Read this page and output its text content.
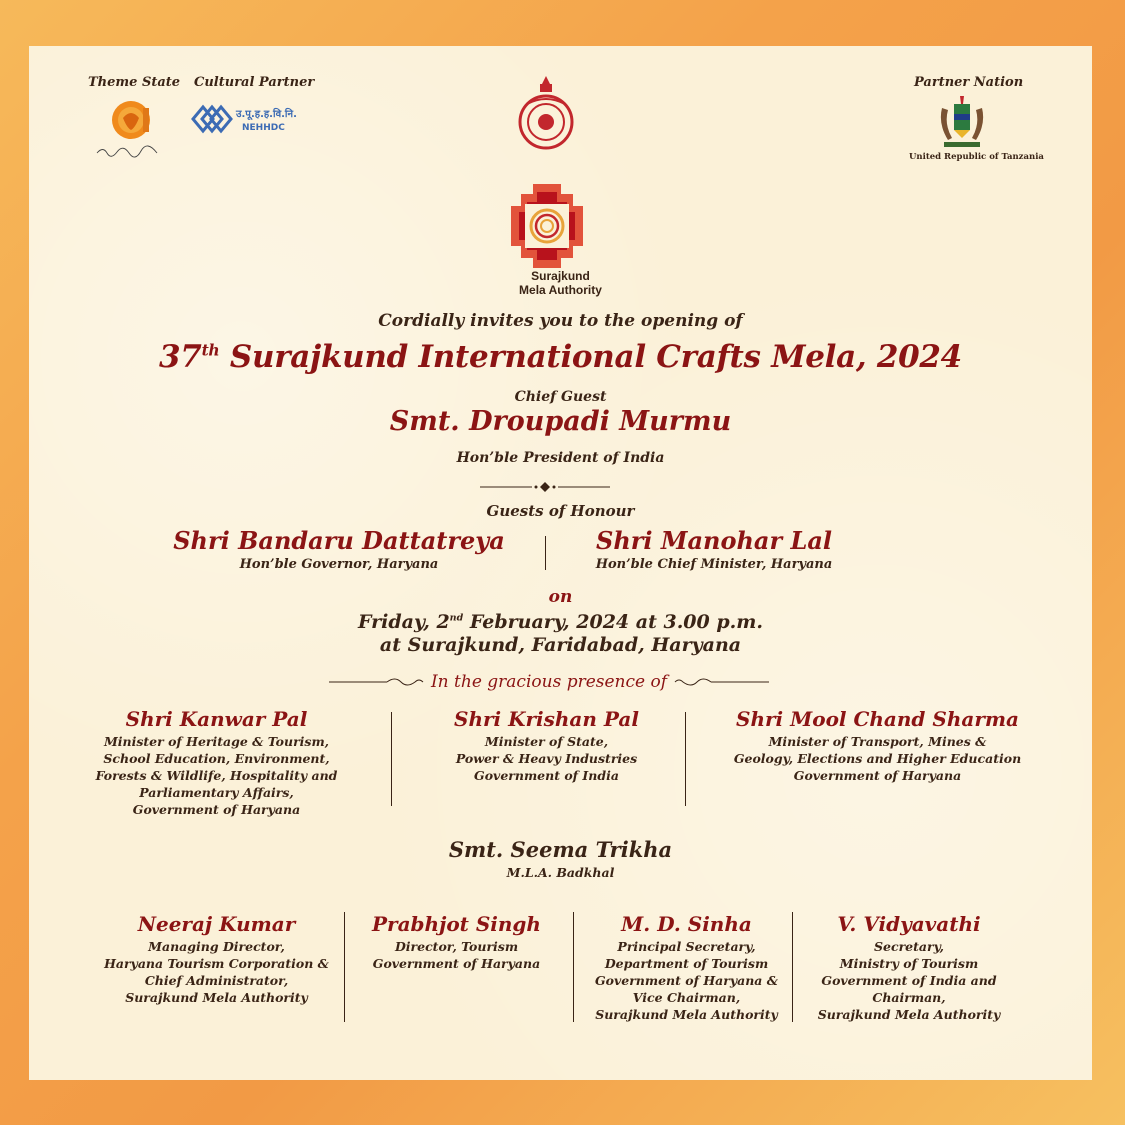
Theme State Cultural Partner
उ.पू.ह.ह.वि.नि.
NEHHDC
Partner Nation
United Republic of Tanzania
Surajkund
Mela Authority
Cordially invites you to the opening of
37th Surajkund International Crafts Mela, 2024
Chief Guest
Smt. Droupadi Murmu
Hon’ble President of India
Guests of Honour
Shri Bandaru Dattatreya
Hon’ble Governor, Haryana
Shri Manohar Lal
Hon’ble Chief Minister, Haryana
on
Friday, 2nd February, 2024 at 3.00 p.m.
at Surajkund, Faridabad, Haryana
In the gracious presence of
Shri Kanwar Pal
Minister of Heritage & Tourism,
School Education, Environment,
Forests & Wildlife, Hospitality and
Parliamentary Affairs,
Government of Haryana
Shri Krishan Pal
Minister of State,
Power & Heavy Industries
Government of India
Shri Mool Chand Sharma
Minister of Transport, Mines &
Geology, Elections and Higher Education
Government of Haryana
Smt. Seema Trikha
M.L.A. Badkhal
Neeraj Kumar
Managing Director,
Haryana Tourism Corporation &
Chief Administrator,
Surajkund Mela Authority
Prabhjot Singh
Director, Tourism
Government of Haryana
M. D. Sinha
Principal Secretary,
Department of Tourism
Government of Haryana &
Vice Chairman,
Surajkund Mela Authority
V. Vidyavathi
Secretary,
Ministry of Tourism
Government of India and
Chairman,
Surajkund Mela Authority
